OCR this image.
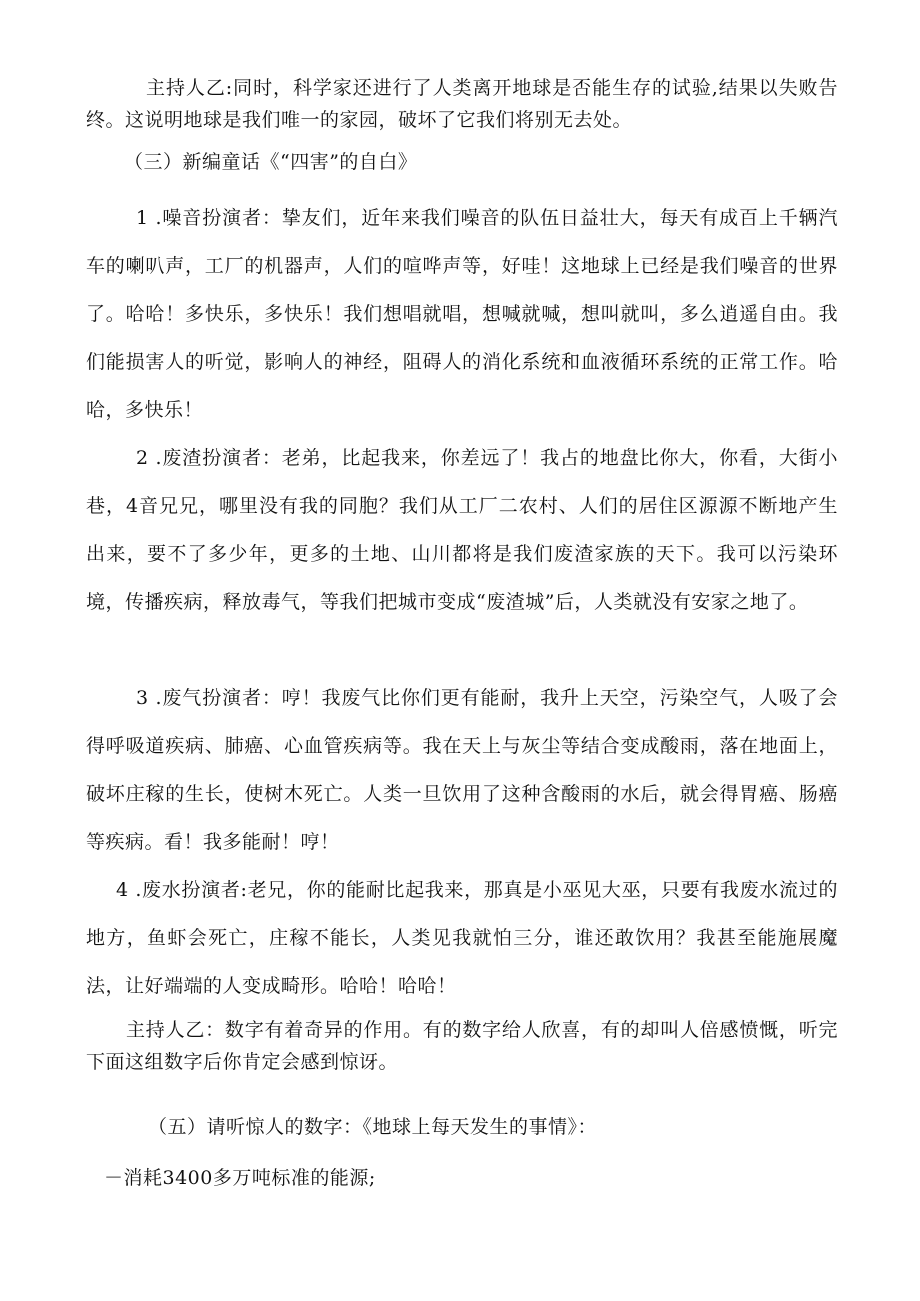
主持人乙:同时，科学家还进行了人类离开地球是否能生存的试验,结果以失败告终。这说明地球是我们唯一的家园，破坏了它我们将别无去处。

（三）新编童话《“四害”的自白》

1 .噪音扮演者：挚友们，近年来我们噪音的队伍日益壮大，每天有成百上千辆汽车的喇叭声，工厂的机器声，人们的喧哗声等，好哇！这地球上已经是我们噪音的世界了。哈哈！多快乐，多快乐！我们想唱就唱，想喊就喊，想叫就叫，多么逍遥自由。我们能损害人的听觉，影响人的神经，阻碍人的消化系统和血液循环系统的正常工作。哈哈，多快乐！

2 .废渣扮演者：老弟，比起我来，你差远了！我占的地盘比你大，你看，大街小巷，4音兄兄，哪里没有我的同胞？我们从工厂二农村、人们的居住区源源不断地产生出来，要不了多少年，更多的土地、山川都将是我们废渣家族的天下。我可以污染环境，传播疾病，释放毒气，等我们把城市变成“废渣城”后，人类就没有安家之地了。

3 .废气扮演者：哼！我废气比你们更有能耐，我升上天空，污染空气，人吸了会得呼吸道疾病、肺癌、心血管疾病等。我在天上与灰尘等结合变成酸雨，落在地面上，破坏庄稼的生长，使树木死亡。人类一旦饮用了这种含酸雨的水后，就会得胃癌、肠癌等疾病。看！我多能耐！哼！

4 .废水扮演者:老兄，你的能耐比起我来，那真是小巫见大巫，只要有我废水流过的地方，鱼虾会死亡，庄稼不能长，人类见我就怕三分，谁还敢饮用？我甚至能施展魔法，让好端端的人变成畸形。哈哈！哈哈！

主持人乙：数字有着奇异的作用。有的数字给人欣喜，有的却叫人倍感愤慨，听完下面这组数字后你肯定会感到惊讶。

（五）请听惊人的数字：《地球上每天发生的事情》：

－消耗3400多万吨标准的能源;
